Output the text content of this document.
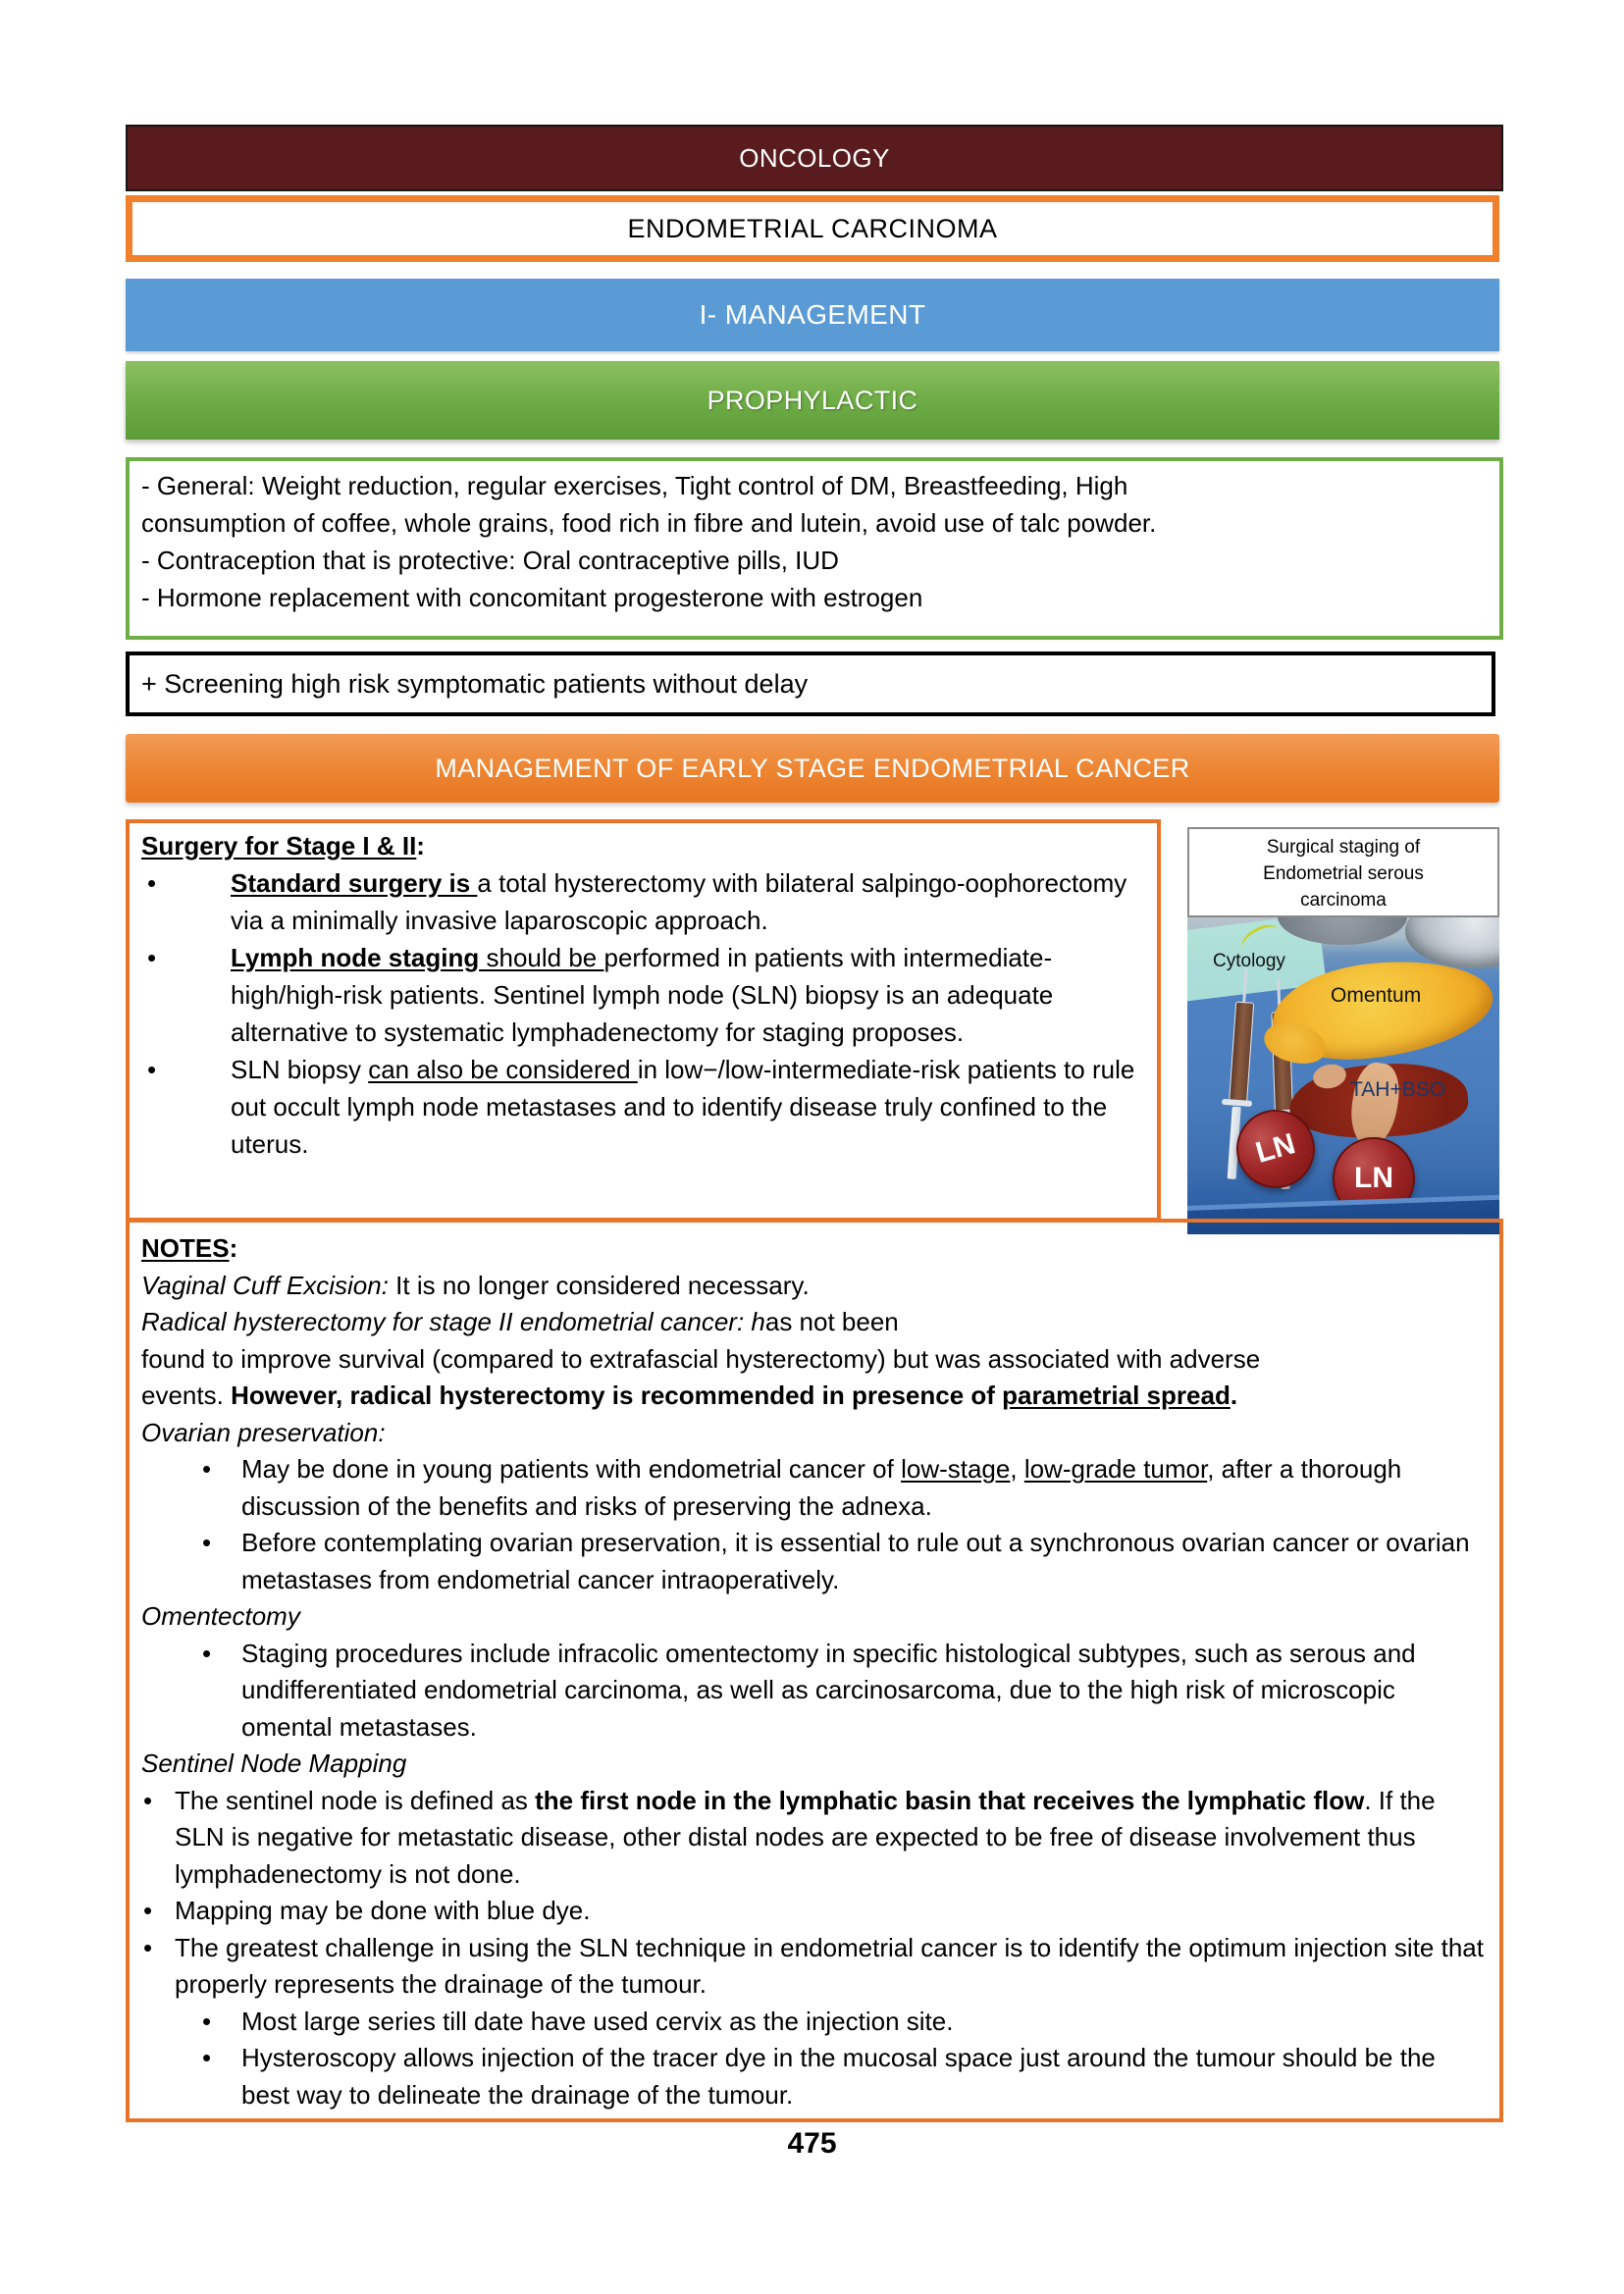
ONCOLOGY
ENDOMETRIAL CARCINOMA
I- MANAGEMENT
PROPHYLACTIC
- General: Weight reduction, regular exercises, Tight control of DM, Breastfeeding, High
consumption of coffee, whole grains, food rich in fibre and lutein, avoid use of talc powder.
- Contraception that is protective: Oral contraceptive pills, IUD
- Hormone replacement with concomitant progesterone with estrogen
+ Screening high risk symptomatic patients without delay
MANAGEMENT OF EARLY STAGE ENDOMETRIAL CANCER
Surgery for Stage I & II:
•	Standard surgery is a total hysterectomy with bilateral salpingo-oophorectomy via a minimally invasive laparoscopic approach.
•	Lymph node staging should be performed in patients with intermediate-high/high-risk patients. Sentinel lymph node (SLN) biopsy is an adequate alternative to systematic lymphadenectomy for staging proposes.
•	SLN biopsy can also be considered in low−/low-intermediate-risk patients to rule out occult lymph node metastases and to identify disease truly confined to the uterus.
Surgical staging of
Endometrial serous
carcinoma
LN
LN
Cytology
Omentum
TAH+BSO
NOTES:
Vaginal Cuff Excision: It is no longer considered necessary.
Radical hysterectomy for stage II endometrial cancer: has not been
found to improve survival (compared to extrafascial hysterectomy) but was associated with adverse
events. However, radical hysterectomy is recommended in presence of parametrial spread.
Ovarian preservation:
•	May be done in young patients with endometrial cancer of low-stage, low-grade tumor, after a thorough discussion of the benefits and risks of preserving the adnexa.
•	Before contemplating ovarian preservation, it is essential to rule out a synchronous ovarian cancer or ovarian metastases from endometrial cancer intraoperatively.
Omentectomy
•	Staging procedures include infracolic omentectomy in specific histological subtypes, such as serous and undifferentiated endometrial carcinoma, as well as carcinosarcoma, due to the high risk of microscopic omental metastases.
Sentinel Node Mapping
• The sentinel node is defined as the first node in the lymphatic basin that receives the lymphatic flow. If the SLN is negative for metastatic disease, other distal nodes are expected to be free of disease involvement thus lymphadenectomy is not done.
• Mapping may be done with blue dye.
• The greatest challenge in using the SLN technique in endometrial cancer is to identify the optimum injection site that properly represents the drainage of the tumour.
•	Most large series till date have used cervix as the injection site.
•	Hysteroscopy allows injection of the tracer dye in the mucosal space just around the tumour should be the best way to delineate the drainage of the tumour.
475
